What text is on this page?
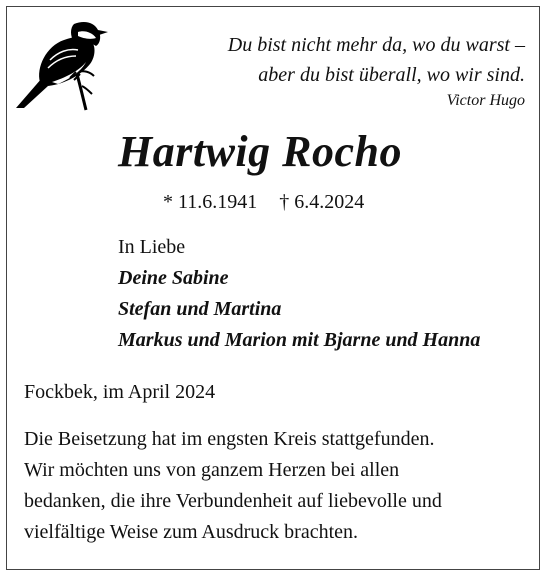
Du bist nicht mehr da, wo du warst –
aber du bist überall, wo wir sind.
Victor Hugo
Hartwig Rocho
* 11.6.1941 † 6.4.2024
In Liebe
Deine Sabine
Stefan und Martina
Markus und Marion mit Bjarne und Hanna
Fockbek, im April 2024
Die Beisetzung hat im engsten Kreis stattgefunden.
Wir möchten uns von ganzem Herzen bei allen
bedanken, die ihre Verbundenheit auf liebevolle und
vielfältige Weise zum Ausdruck brachten.
